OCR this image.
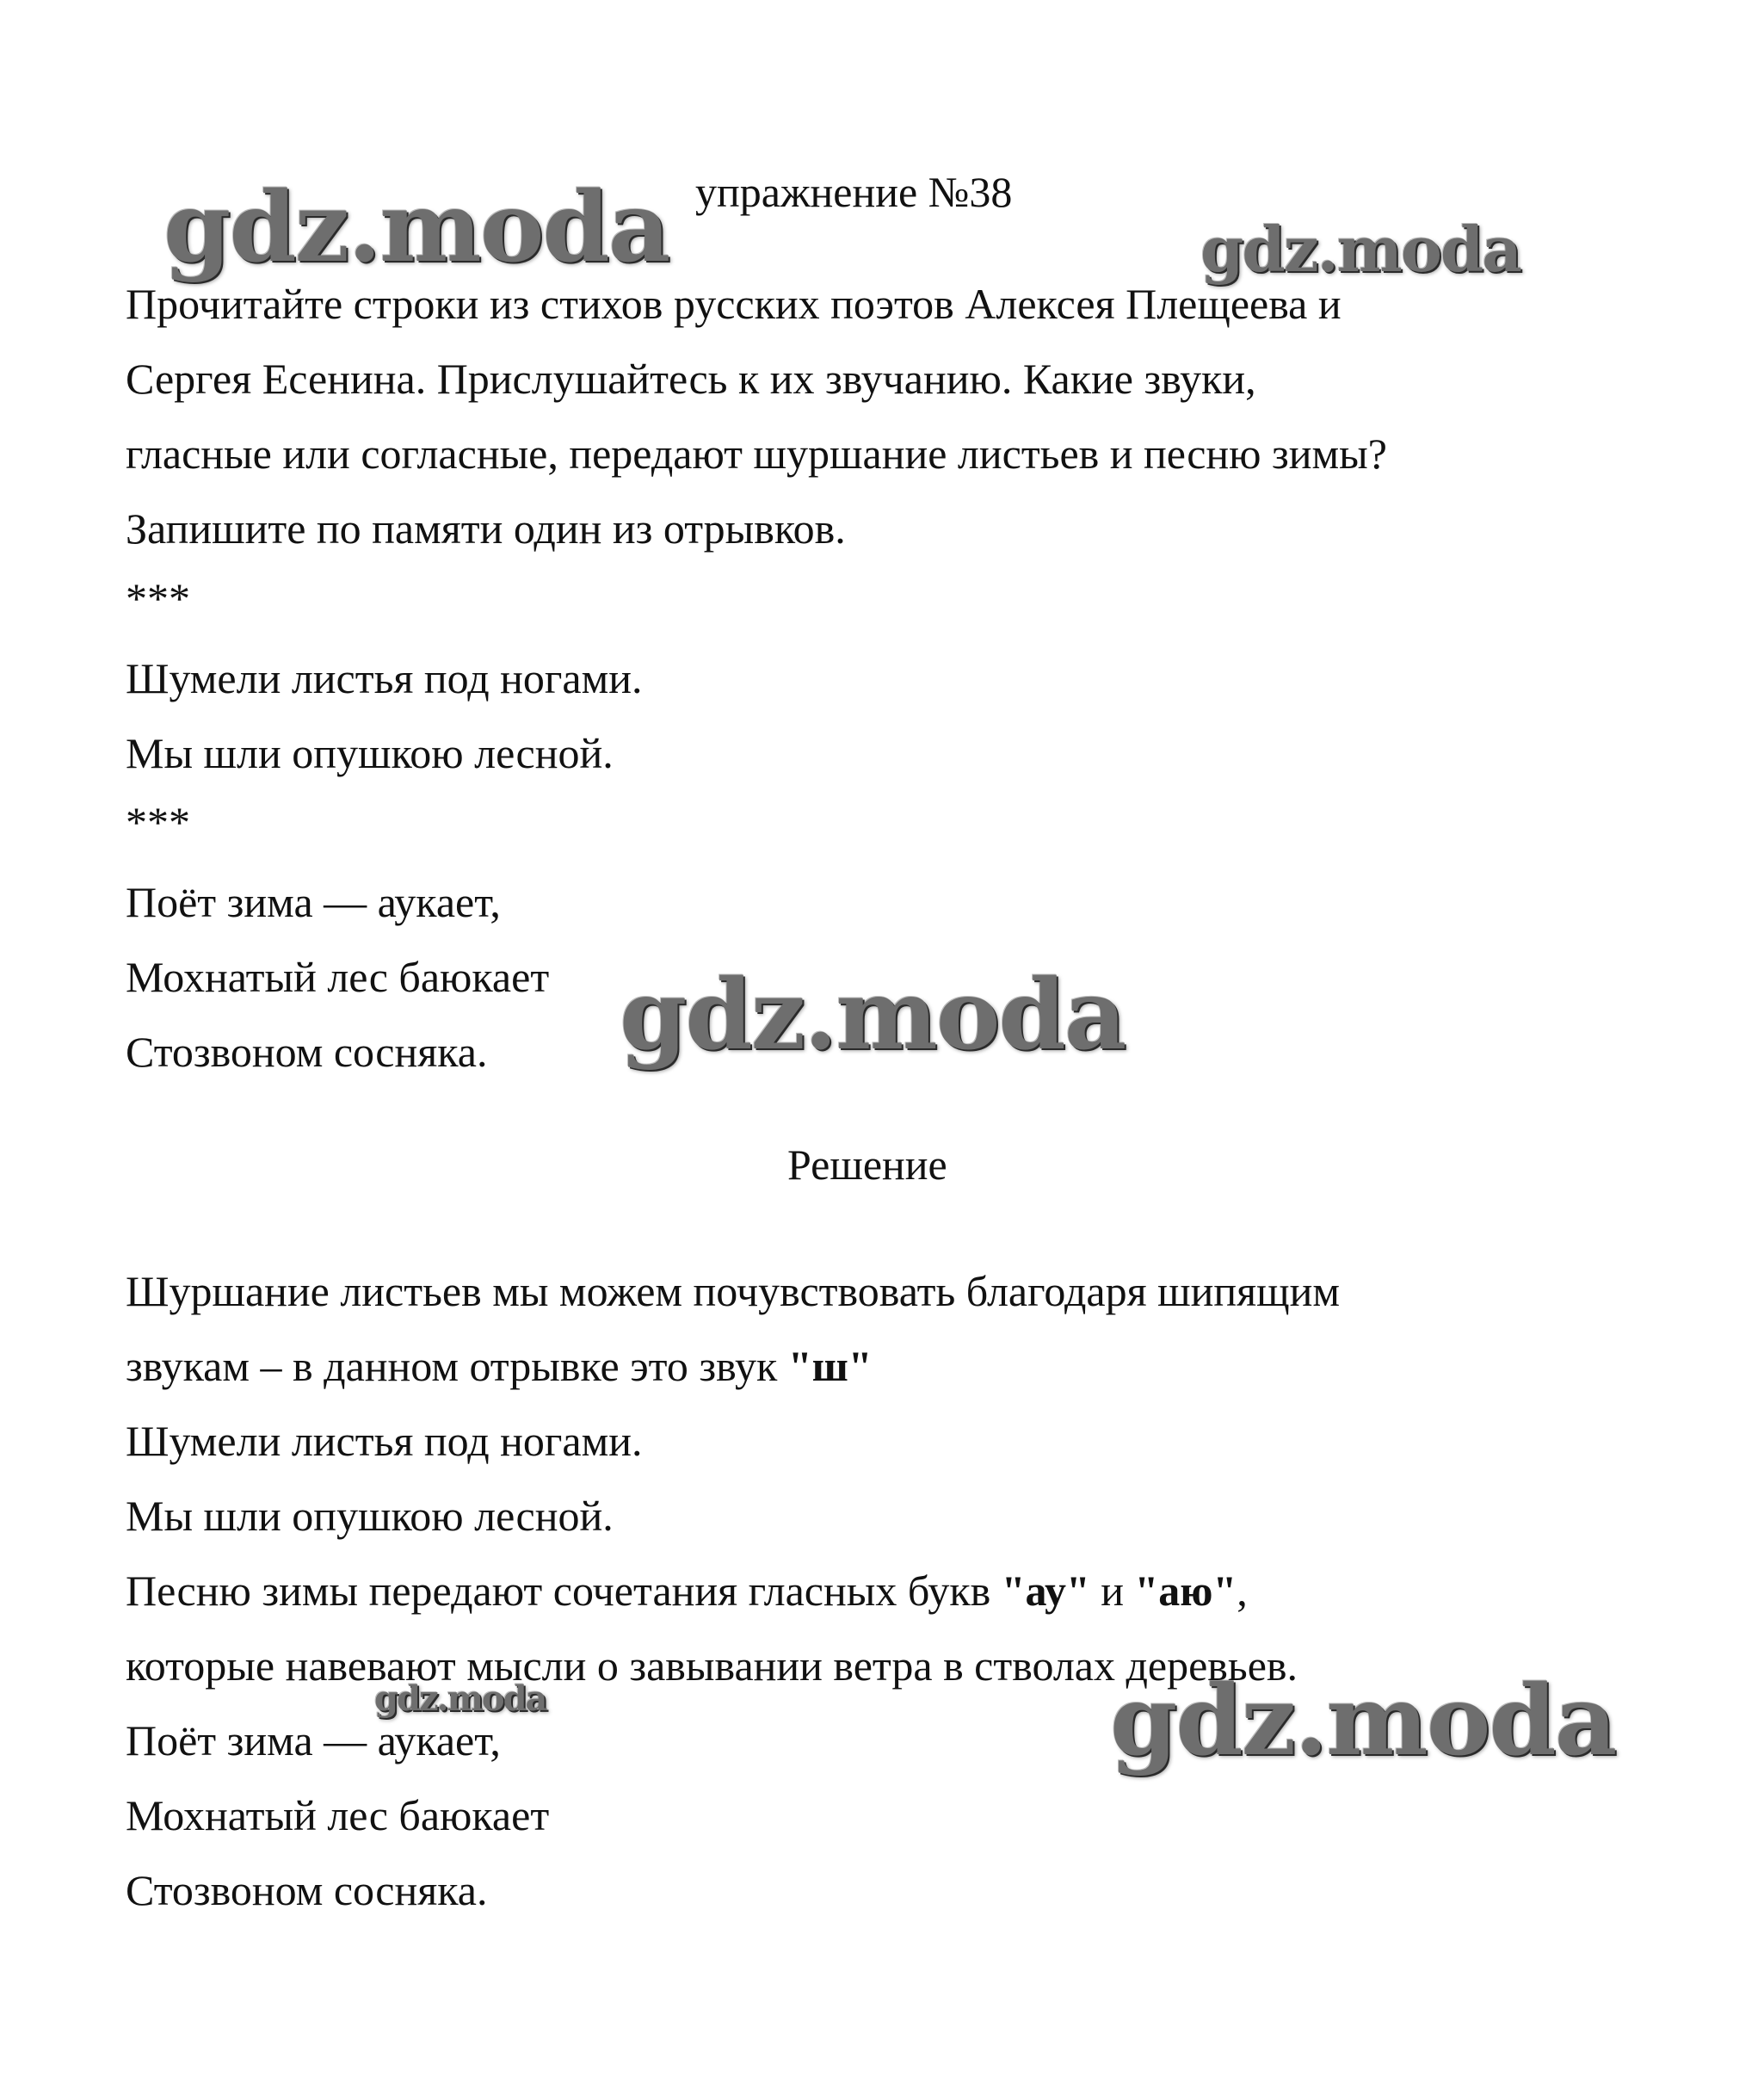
gdz.moda	gdz.moda
gdz.moda
gdz.moda	gdz.moda
упражнение №38
Прочитайте строки из стихов русских поэтов Алексея Плещеева и
Сергея Есенина. Прислушайтесь к их звучанию. Какие звуки,
гласные или согласные, передают шуршание листьев и песню зимы?
Запишите по памяти один из отрывков.
***
Шумели листья под ногами.
Мы шли опушкою лесной.
***
Поёт зима — аукает,
Мохнатый лес баюкает
Стозвоном сосняка.
Решение
Шуршание листьев мы можем почувствовать благодаря шипящим
звукам – в данном отрывке это звук "ш"
Шумели листья под ногами.
Мы шли опушкою лесной.
Песню зимы передают сочетания гласных букв "ау" и "аю",
которые навевают мысли о завывании ветра в стволах деревьев.
Поёт зима — аукает,
Мохнатый лес баюкает
Стозвоном сосняка.
